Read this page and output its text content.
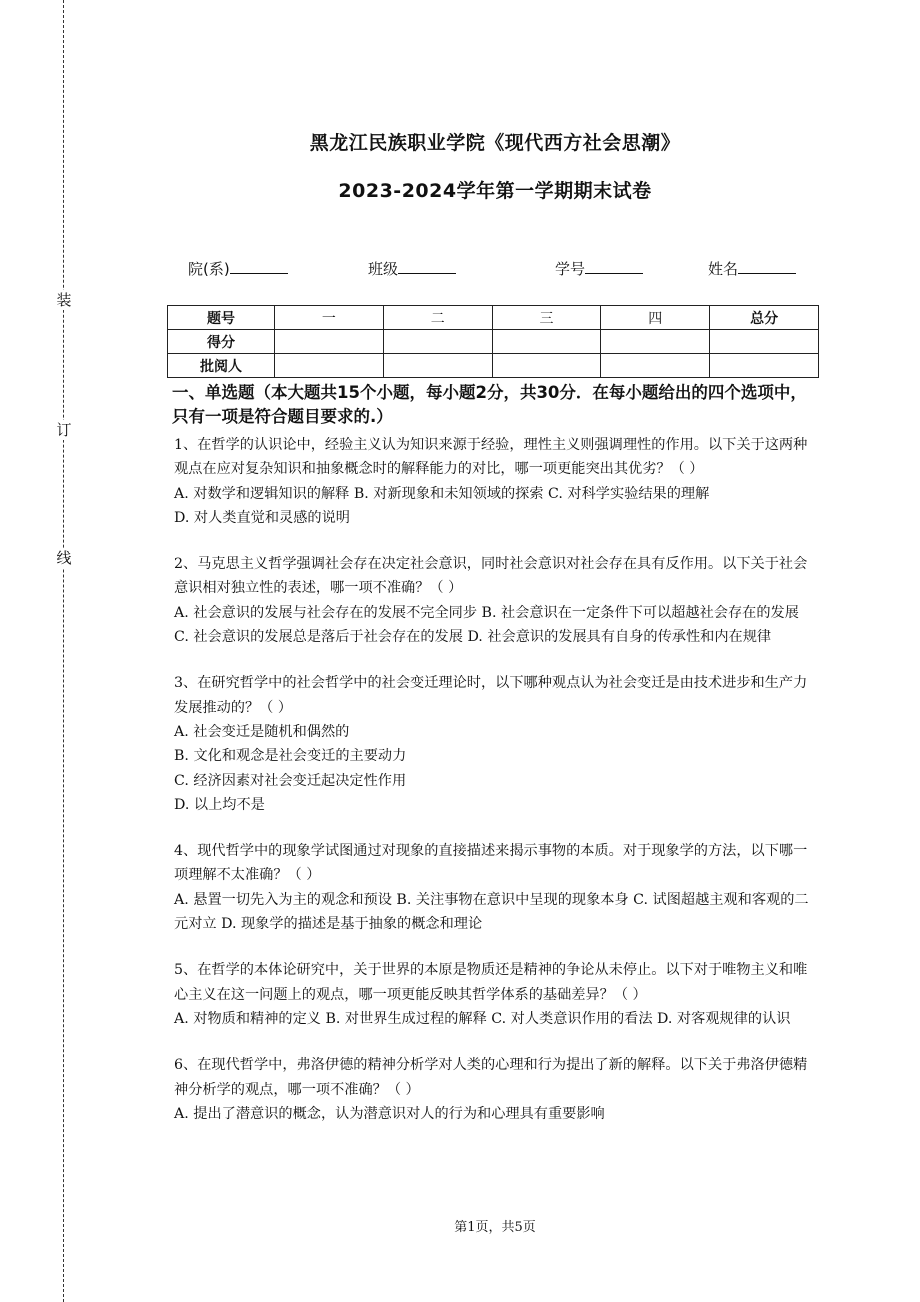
装
订
线
黑龙江民族职业学院《现代西方社会思潮》
2023-2024学年第一学期期末试卷
院(系)	班级	学号	姓名
题号	一	二	三	四	总分
得分					
批阅人					
一、单选题（本大题共15个小题，每小题2分，共30分．在每小题给出的四个选项中，只有一项是符合题目要求的.）

1、在哲学的认识论中，经验主义认为知识来源于经验，理性主义则强调理性的作用。以下关于这两种观点在应对复杂知识和抽象概念时的解释能力的对比，哪一项更能突出其优劣？（ ）

A. 对数学和逻辑知识的解释 B. 对新现象和未知领域的探索 C. 对科学实验结果的理解

D. 对人类直觉和灵感的说明

2、马克思主义哲学强调社会存在决定社会意识，同时社会意识对社会存在具有反作用。以下关于社会意识相对独立性的表述，哪一项不准确？（ ）

A. 社会意识的发展与社会存在的发展不完全同步 B. 社会意识在一定条件下可以超越社会存在的发展 C. 社会意识的发展总是落后于社会存在的发展 D. 社会意识的发展具有自身的传承性和内在规律

3、在研究哲学中的社会哲学中的社会变迁理论时，以下哪种观点认为社会变迁是由技术进步和生产力发展推动的？（ ）

A. 社会变迁是随机和偶然的

B. 文化和观念是社会变迁的主要动力

C. 经济因素对社会变迁起决定性作用

D. 以上均不是

4、现代哲学中的现象学试图通过对现象的直接描述来揭示事物的本质。对于现象学的方法，以下哪一项理解不太准确？（ ）

A. 悬置一切先入为主的观念和预设 B. 关注事物在意识中呈现的现象本身 C. 试图超越主观和客观的二元对立 D. 现象学的描述是基于抽象的概念和理论

5、在哲学的本体论研究中，关于世界的本原是物质还是精神的争论从未停止。以下对于唯物主义和唯心主义在这一问题上的观点，哪一项更能反映其哲学体系的基础差异？（ ）

A. 对物质和精神的定义 B. 对世界生成过程的解释 C. 对人类意识作用的看法 D. 对客观规律的认识

6、在现代哲学中，弗洛伊德的精神分析学对人类的心理和行为提出了新的解释。以下关于弗洛伊德精神分析学的观点，哪一项不准确？（ ）

A. 提出了潜意识的概念，认为潜意识对人的行为和心理具有重要影响

第1页，共5页
